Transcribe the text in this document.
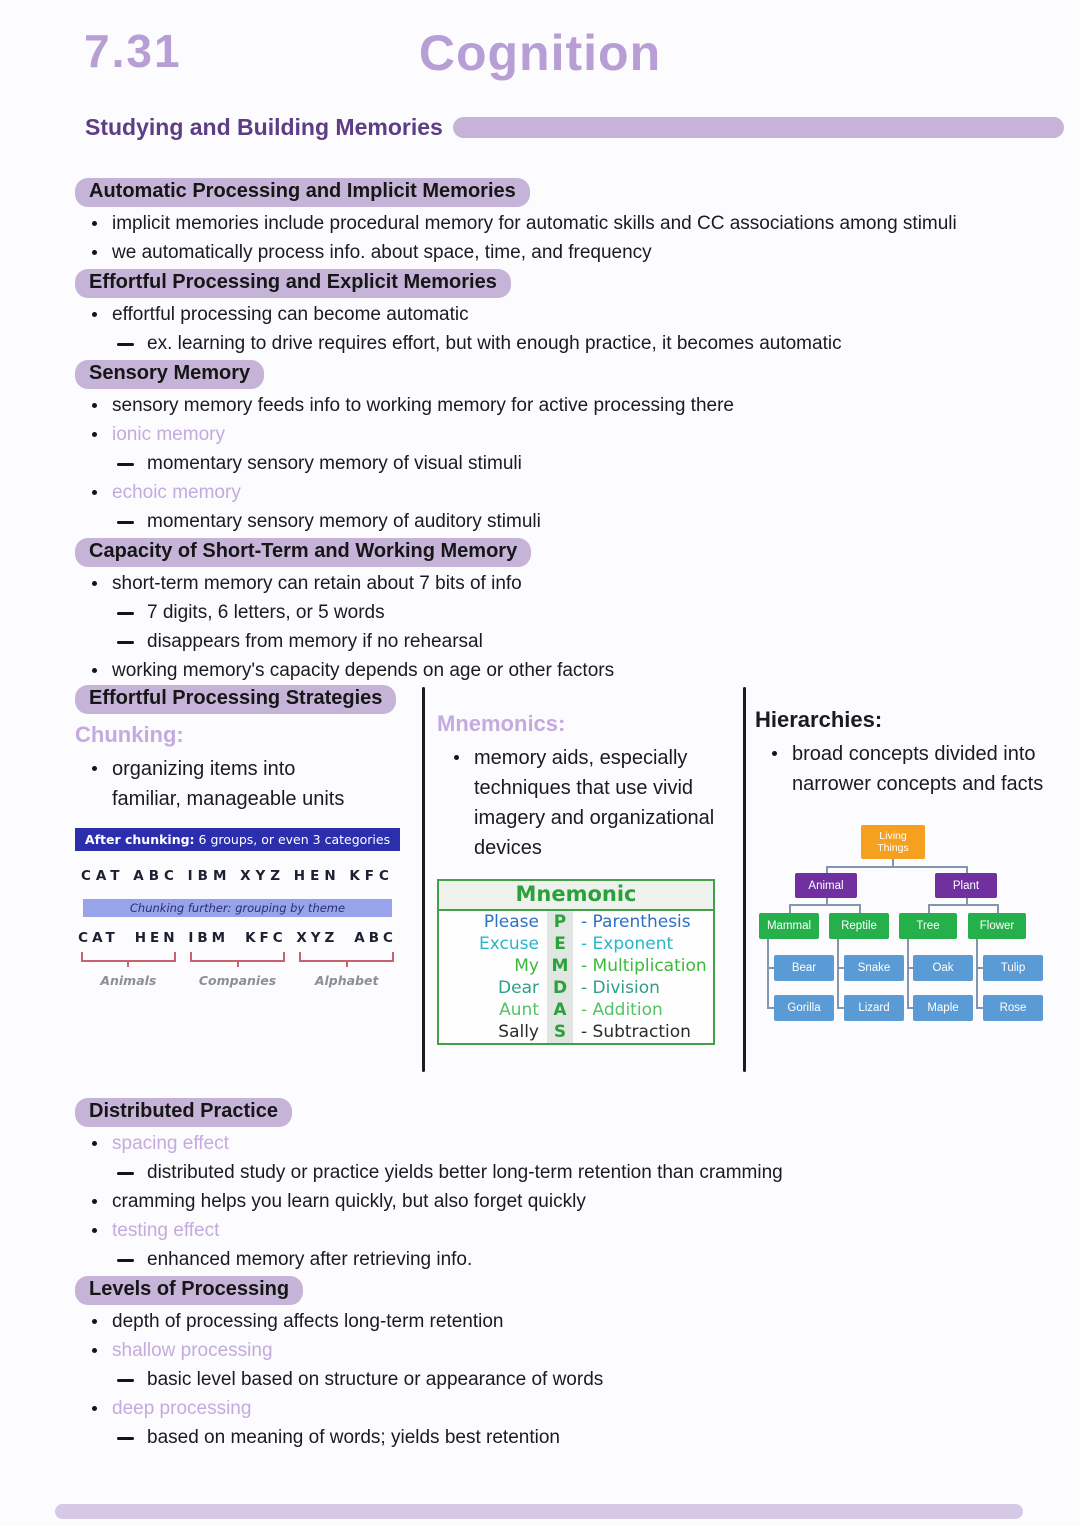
7.31	Cognition
Studying and Building Memories
Automatic Processing and Implicit Memories
implicit memories include procedural memory for automatic skills and CC associations among stimuli
we automatically process info. about space, time, and frequency
Effortful Processing and Explicit Memories
effortful processing can become automatic
ex. learning to drive requires effort, but with enough practice, it becomes automatic
Sensory Memory
sensory memory feeds info to working memory for active processing there
ionic memory
momentary sensory memory of visual stimuli
echoic memory
momentary sensory memory of auditory stimuli
Capacity of Short-Term and Working Memory
short-term memory can retain about 7 bits of info
7 digits, 6 letters, or 5 words
disappears from memory if no rehearsal
working memory's capacity depends on age or other factors
Effortful Processing Strategies
Chunking:
organizing items into familiar, manageable units
After chunking: 6 groups, or even 3 categories
CAT ABC IBM XYZ HEN KFC
Chunking further: grouping by theme
CAT HEN
Animals
IBM KFC
Companies
XYZ ABC
Alphabet
Mnemonics:
memory aids, especially techniques that use vivid imagery and organizational devices
Mnemonic
Please P - Parenthesis
Excuse E - Exponent
My M - Multiplication
Dear D - Division
Aunt A - Addition
Sally S - Subtraction
Hierarchies:
broad concepts divided into narrower concepts and facts
Living Things
Animal	Plant
Mammal	Reptile	Tree	Flower
Bear
Gorilla
Snake
Lizard
Oak
Maple
Tulip
Rose
Distributed Practice
spacing effect
distributed study or practice yields better long-term retention than cramming
cramming helps you learn quickly, but also forget quickly
testing effect
enhanced memory after retrieving info.
Levels of Processing
depth of processing affects long-term retention
shallow processing
basic level based on structure or appearance of words
deep processing
based on meaning of words; yields best retention
